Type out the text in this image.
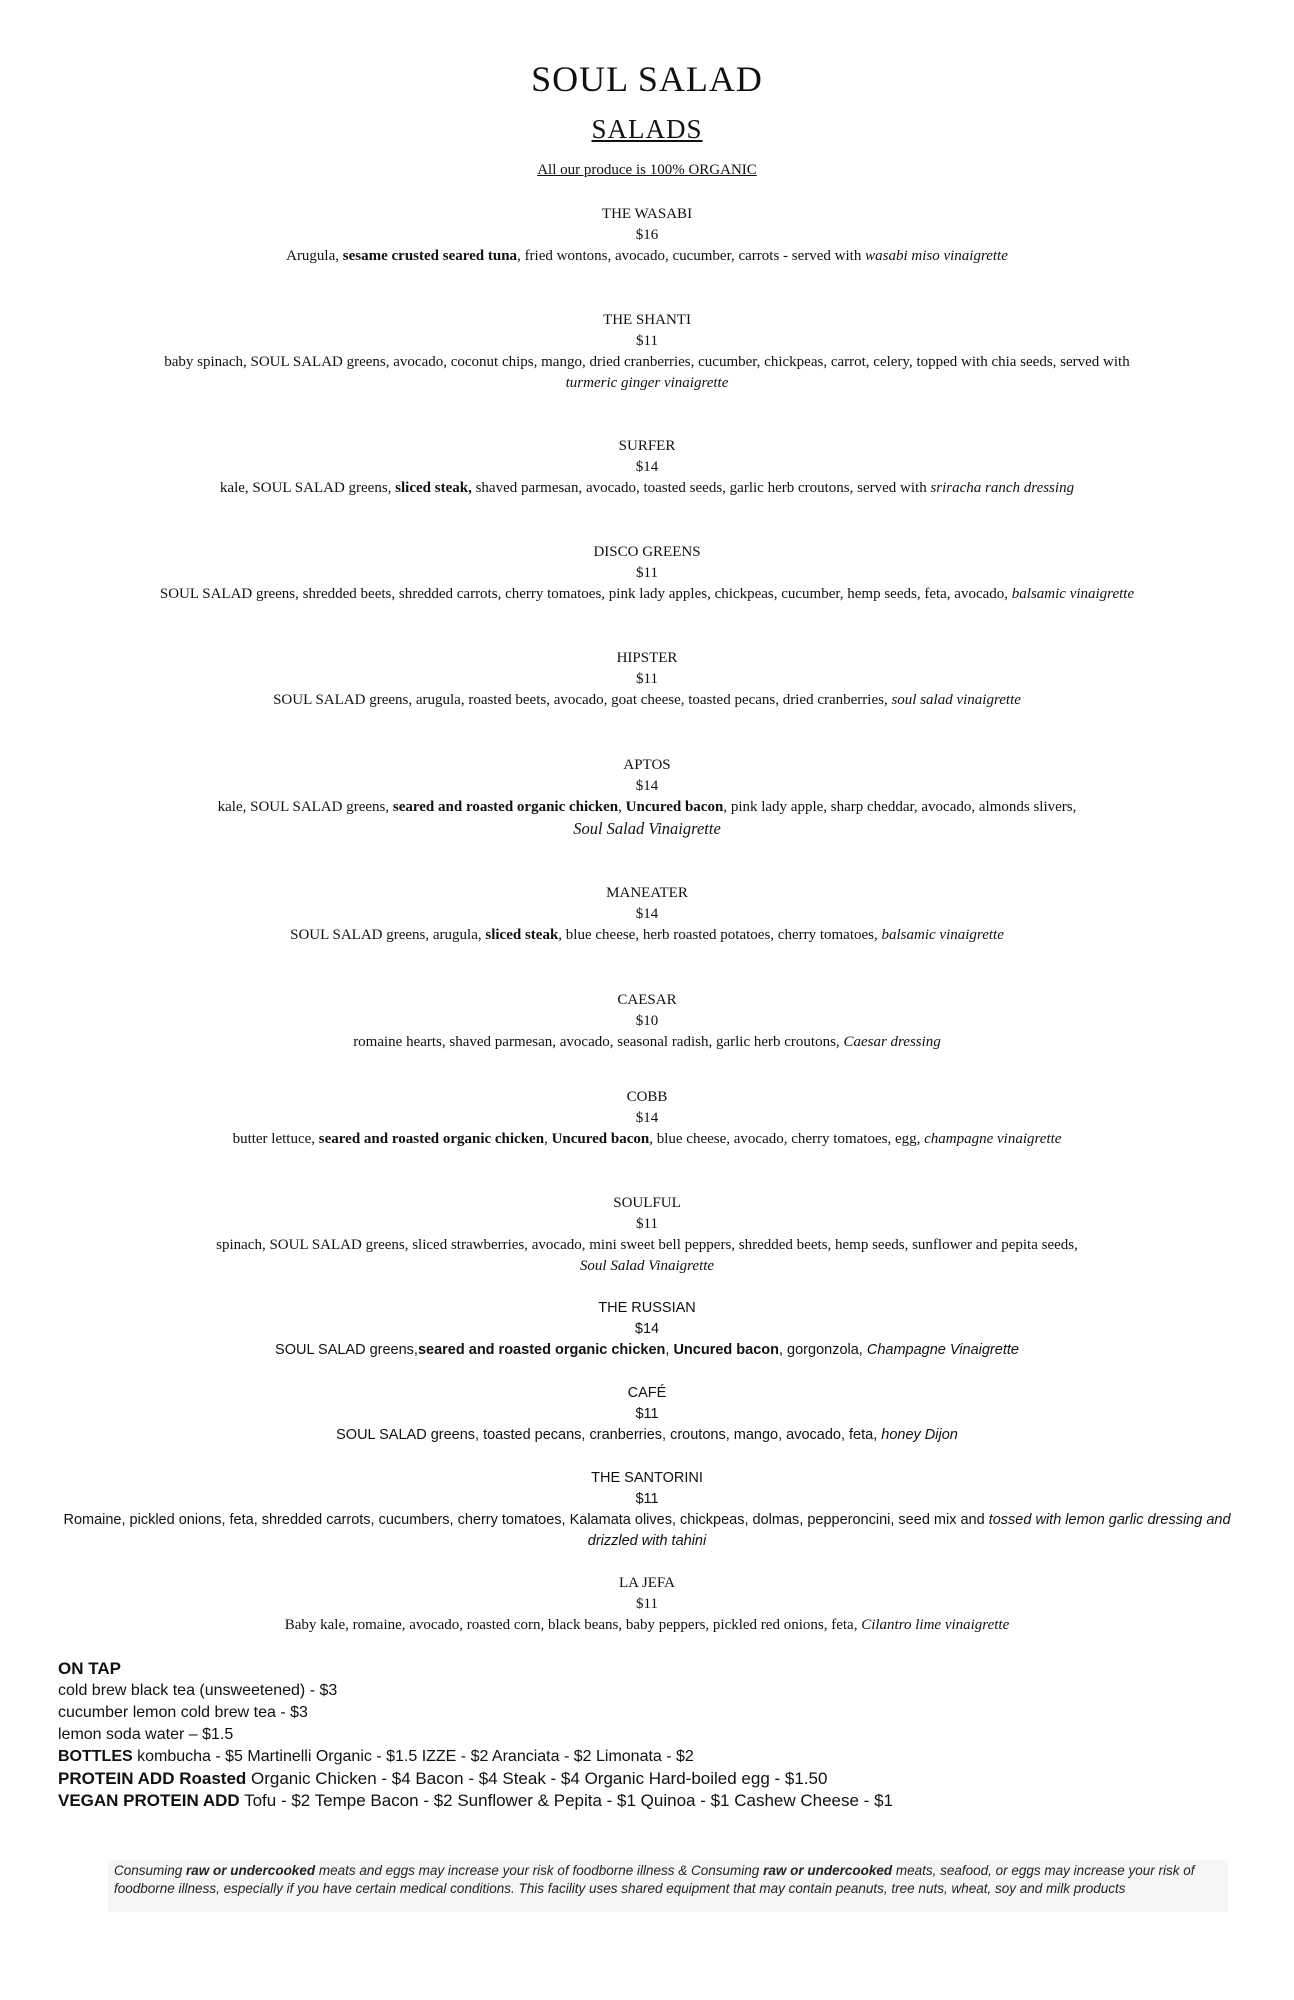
SOUL SALAD
SALADS
All our produce is 100% ORGANIC
THE WASABI
$16
Arugula, sesame crusted seared tuna, fried wontons, avocado, cucumber, carrots - served with wasabi miso vinaigrette
THE SHANTI
$11
baby spinach, SOUL SALAD greens, avocado, coconut chips, mango, dried cranberries, cucumber, chickpeas, carrot, celery, topped with chia seeds, served with
turmeric ginger vinaigrette
SURFER
$14
kale, SOUL SALAD greens, sliced steak, shaved parmesan, avocado, toasted seeds, garlic herb croutons, served with sriracha ranch dressing
DISCO GREENS
$11
SOUL SALAD greens, shredded beets, shredded carrots, cherry tomatoes, pink lady apples, chickpeas, cucumber, hemp seeds, feta, avocado, balsamic vinaigrette
HIPSTER
$11
SOUL SALAD greens, arugula, roasted beets, avocado, goat cheese, toasted pecans, dried cranberries, soul salad vinaigrette
APTOS
$14
kale, SOUL SALAD greens, seared and roasted organic chicken, Uncured bacon, pink lady apple, sharp cheddar, avocado, almonds slivers,
Soul Salad Vinaigrette
MANEATER
$14
SOUL SALAD greens, arugula, sliced steak, blue cheese, herb roasted potatoes, cherry tomatoes, balsamic vinaigrette
CAESAR
$10
romaine hearts, shaved parmesan, avocado, seasonal radish, garlic herb croutons, Caesar dressing
COBB
$14
butter lettuce, seared and roasted organic chicken, Uncured bacon, blue cheese, avocado, cherry tomatoes, egg, champagne vinaigrette
SOULFUL
$11
spinach, SOUL SALAD greens, sliced strawberries, avocado, mini sweet bell peppers, shredded beets, hemp seeds, sunflower and pepita seeds,
Soul Salad Vinaigrette
THE RUSSIAN
$14
SOUL SALAD greens,seared and roasted organic chicken, Uncured bacon, gorgonzola, Champagne Vinaigrette
CAFÉ
$11
SOUL SALAD greens, toasted pecans, cranberries, croutons, mango, avocado, feta, honey Dijon
THE SANTORINI
$11
Romaine, pickled onions, feta, shredded carrots, cucumbers, cherry tomatoes, Kalamata olives, chickpeas, dolmas, pepperoncini, seed mix and tossed with lemon garlic dressing and drizzled with tahini
LA JEFA
$11
Baby kale, romaine, avocado, roasted corn, black beans, baby peppers, pickled red onions, feta, Cilantro lime vinaigrette
ON TAP
cold brew black tea (unsweetened) - $3
cucumber lemon cold brew tea - $3
lemon soda water – $1.5
BOTTLES kombucha - $5 Martinelli Organic - $1.5 IZZE - $2 Aranciata - $2 Limonata - $2
PROTEIN ADD Roasted Organic Chicken - $4 Bacon - $4 Steak - $4 Organic Hard-boiled egg - $1.50
VEGAN PROTEIN ADD Tofu - $2 Tempe Bacon - $2 Sunflower & Pepita - $1 Quinoa - $1 Cashew Cheese - $1
Consuming raw or undercooked meats and eggs may increase your risk of foodborne illness & Consuming raw or undercooked meats, seafood, or eggs may increase your risk of foodborne illness, especially if you have certain medical conditions. This facility uses shared equipment that may contain peanuts, tree nuts, wheat, soy and milk products
